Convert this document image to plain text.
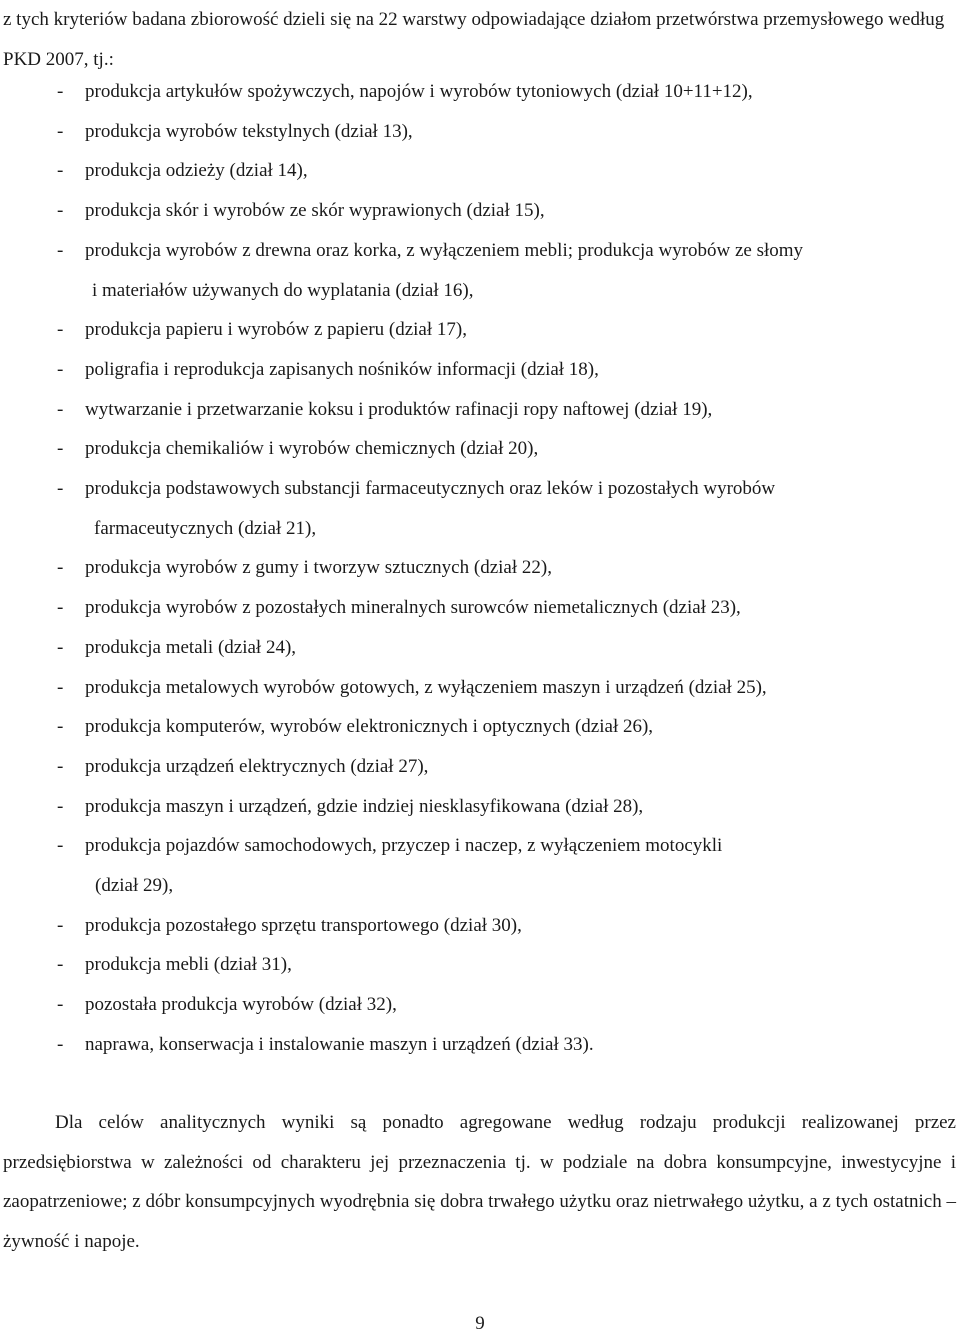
z tych kryteriów badana zbiorowość dzieli się na 22 warstwy odpowiadające działom przetwórstwa przemysłowego według PKD 2007, tj.:

- produkcja artykułów spożywczych, napojów i wyrobów tytoniowych (dział 10+11+12),
- produkcja wyrobów tekstylnych (dział 13),
- produkcja odzieży (dział 14),
- produkcja skór i wyrobów ze skór wyprawionych (dział 15),
- produkcja wyrobów z drewna oraz korka, z wyłączeniem mebli; produkcja wyrobów ze słomy
i materiałów używanych do wyplatania (dział 16),
- produkcja papieru i wyrobów z papieru (dział 17),
- poligrafia i reprodukcja zapisanych nośników informacji (dział 18),
- wytwarzanie i przetwarzanie koksu i produktów rafinacji ropy naftowej (dział 19),
- produkcja chemikaliów i wyrobów chemicznych (dział 20),
- produkcja podstawowych substancji farmaceutycznych oraz leków i pozostałych wyrobów
farmaceutycznych (dział 21),
- produkcja wyrobów z gumy i tworzyw sztucznych (dział 22),
- produkcja wyrobów z pozostałych mineralnych surowców niemetalicznych (dział 23),
- produkcja metali (dział 24),
- produkcja metalowych wyrobów gotowych, z wyłączeniem maszyn i urządzeń (dział 25),
- produkcja komputerów, wyrobów elektronicznych i optycznych (dział 26),
- produkcja urządzeń elektrycznych (dział 27),
- produkcja maszyn i urządzeń, gdzie indziej niesklasyfikowana (dział 28),
- produkcja pojazdów samochodowych, przyczep i naczep, z wyłączeniem motocykli
(dział 29),
- produkcja pozostałego sprzętu transportowego (dział 30),
- produkcja mebli (dział 31),
- pozostała produkcja wyrobów (dział 32),
- naprawa, konserwacja i instalowanie maszyn i urządzeń (dział 33).

Dla celów analitycznych wyniki są ponadto agregowane według rodzaju produkcji realizowanej przez przedsiębiorstwa w zależności od charakteru jej przeznaczenia tj. w podziale na dobra konsumpcyjne, inwestycyjne i zaopatrzeniowe; z dóbr konsumpcyjnych wyodrębnia się dobra trwałego użytku oraz nietrwałego użytku, a z tych ostatnich – żywność i napoje.

9
